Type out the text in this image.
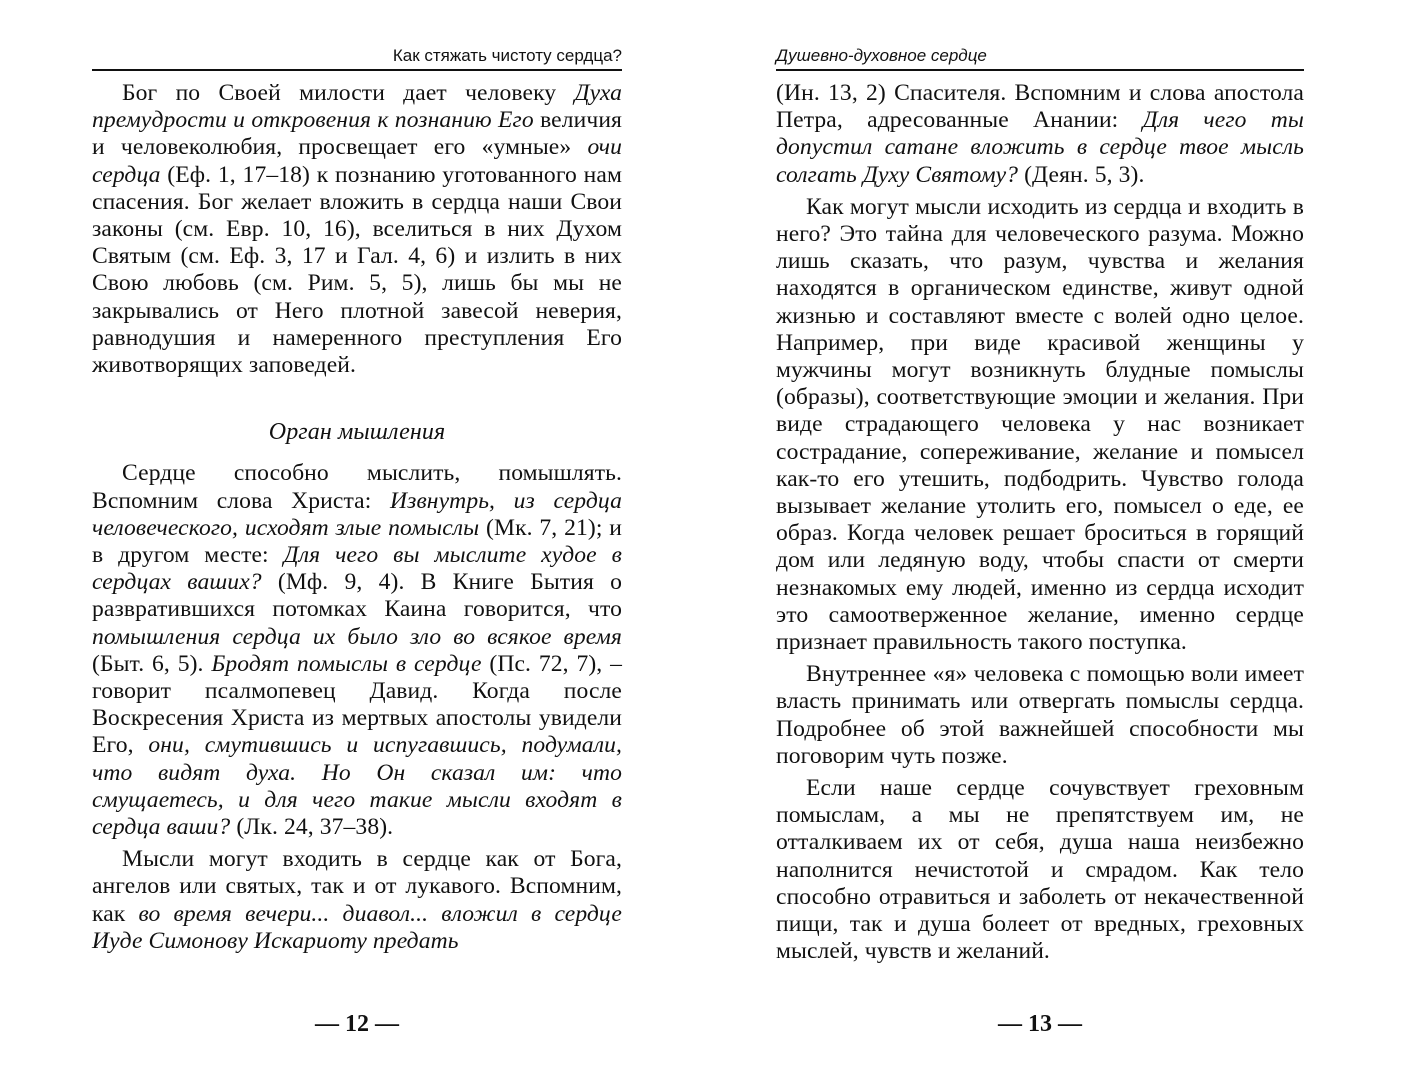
Как стяжать чистоту сердца?

Бог по Своей милости дает человеку Духа премудрости и откровения к познанию Его величия и человеколюбия, просвещает его «умные» очи сердца (Еф. 1, 17–18) к познанию уготованного нам спасения. Бог желает вложить в сердца наши Свои законы (см. Евр. 10, 16), вселиться в них Духом Святым (см. Еф. 3, 17 и Гал. 4, 6) и излить в них Свою любовь (см. Рим. 5, 5), лишь бы мы не закрывались от Него плотной завесой неверия, равнодушия и намеренного преступления Его животворящих заповедей.

Орган мышления

Сердце способно мыслить, помышлять. Вспомним слова Христа: Извнутрь, из сердца человеческого, исходят злые помыслы (Мк. 7, 21); и в другом месте: Для чего вы мыслите худое в сердцах ваших? (Мф. 9, 4). В Книге Бытия о развратившихся потомках Каина говорится, что помышления сердца их было зло во всякое время (Быт. 6, 5). Бродят помыслы в сердце (Пс. 72, 7), – говорит псалмопевец Давид. Когда после Воскресения Христа из мертвых апостолы увидели Его, они, смутившись и испугавшись, подумали, что видят духа. Но Он сказал им: что смущаетесь, и для чего такие мысли входят в сердца ваши? (Лк. 24, 37–38).

Мысли могут входить в сердце как от Бога, ангелов или святых, так и от лукавого. Вспомним, как во время вечери... диавол... вложил в сердце Иуде Симонову Искариоту предать

— 12 —
Душевно-духовное сердце

(Ин. 13, 2) Спасителя. Вспомним и слова апостола Петра, адресованные Анании: Для чего ты допустил сатане вложить в сердце твое мысль солгать Духу Святому? (Деян. 5, 3).

Как могут мысли исходить из сердца и входить в него? Это тайна для человеческого разума. Можно лишь сказать, что разум, чувства и желания находятся в органическом единстве, живут одной жизнью и составляют вместе с волей одно целое. Например, при виде красивой женщины у мужчины могут возникнуть блудные помыслы (образы), соответствующие эмоции и желания. При виде страдающего человека у нас возникает сострадание, сопереживание, желание и помысел как-то его утешить, подбодрить. Чувство голода вызывает желание утолить его, помысел о еде, ее образ. Когда человек решает броситься в горящий дом или ледяную воду, чтобы спасти от смерти незнакомых ему людей, именно из сердца исходит это самоотверженное желание, именно сердце признает правильность такого поступка.

Внутреннее «я» человека с помощью воли имеет власть принимать или отвергать помыслы сердца. Подробнее об этой важнейшей способности мы поговорим чуть позже.

Если наше сердце сочувствует греховным помыслам, а мы не препятствуем им, не отталкиваем их от себя, душа наша неизбежно наполнится нечистотой и смрадом. Как тело способно отравиться и заболеть от некачественной пищи, так и душа болеет от вредных, греховных мыслей, чувств и желаний.

— 13 —
